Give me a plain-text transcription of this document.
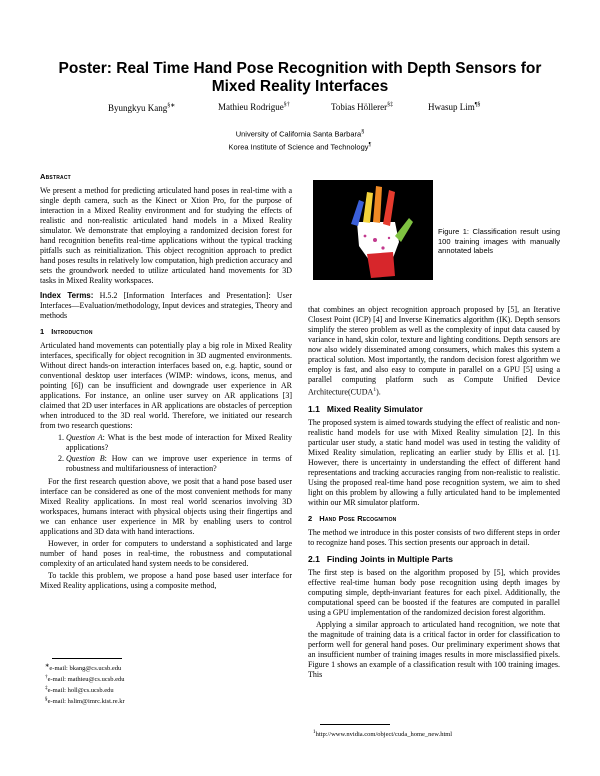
Poster: Real Time Hand Pose Recognition with Depth Sensors for Mixed Reality Interfaces
Byungkyu Kang§∗	Mathieu Rodrigue§†	Tobias Höllerer§‡	Hwasup Lim¶§
University of California Santa Barbara§
Korea Institute of Science and Technology¶
Abstract

We present a method for predicting articulated hand poses in real-time with a single depth camera, such as the Kinect or Xtion Pro, for the purpose of interaction in a Mixed Reality environment and for studying the effects of realistic and non-realistic articulated hand models in a Mixed Reality simulator. We demonstrate that employing a randomized decision forest for hand recognition benefits real-time applications without the typical tracking pitfalls such as reinitialization. This object recognition approach to predict hand poses results in relatively low computation, high prediction accuracy and sets the groundwork needed to utilize articulated hand movements for 3D tasks in Mixed Reality workspaces.

Index Terms: H.5.2 [Information Interfaces and Presentation]: User Interfaces—Evaluation/methodology, Input devices and strategies, Theory and methods

1 Introduction

Articulated hand movements can potentially play a big role in Mixed Reality interfaces, specifically for object recognition in 3D augmented environments. Without direct hands-on interaction interfaces based on, e.g. haptic, sound or conventional desktop user interfaces (WIMP: windows, icons, menus, and pointing [6]) can be insufficient and downgrade user experience in AR applications. For instance, an online user survey on AR applications [3] claimed that 2D user interfaces in AR applications are obstacles of perception when introduced to the 3D real world. Therefore, we initiated our research from two research questions:

1. Question A: What is the best mode of interaction for Mixed Reality applications?
2. Question B: How can we improve user experience in terms of robustness and multifariousness of interaction?

For the first research question above, we posit that a hand pose based user interface can be considered as one of the most convenient methods for many Mixed Reality applications. In most real world scenarios involving 3D workspaces, humans interact with physical objects using their fingertips and we can enhance user experience in MR by enabling users to control applications and 3D data with hand interactions.

However, in order for computers to understand a sophisticated and large number of hand poses in real-time, the robustness and computational complexity of an articulated hand system needs to be considered.

To tackle this problem, we propose a hand pose based user interface for Mixed Reality applications, using a composite method,

∗e-mail: bkang@cs.ucsb.edu
†e-mail: mathieu@cs.ucsb.edu
‡e-mail: holl@cs.ucsb.edu
§e-mail: hslim@imrc.kist.re.kr
Figure 1: Classification result using 100 training images with manually annotated labels

that combines an object recognition approach proposed by [5], an Iterative Closest Point (ICP) [4] and Inverse Kinematics algorithm (IK). Depth sensors simplify the stereo problem as well as the complexity of input data caused by variance in hand, skin color, texture and lighting conditions. Depth sensors are now also widely disseminated among consumers, which makes this system a practical solution. Most importantly, the random decision forest algorithm we employ is fast, and also easy to compute in parallel on a GPU [5] using a parallel computing platform such as Compute Unified Device Architecture(CUDA$^1$).

1.1 Mixed Reality Simulator

The proposed system is aimed towards studying the effect of realistic and non-realistic hand models for use with Mixed Reality simulation [2]. In this particular user study, a static hand model was used in testing the validity of Mixed Reality simulation, replicating an earlier study by Ellis et al. [1]. However, there is uncertainty in understanding the effect of different hand representations and tracking accuracies ranging from non-realistic to realistic. Using the proposed real-time hand pose recognition system, we aim to shed light on this problem by allowing a fully articulated hand to be implemented within our MR simulator platform.

2 Hand Pose Recognition

The method we introduce in this poster consists of two different steps in order to recognize hand poses. This section presents our approach in detail.

2.1 Finding Joints in Multiple Parts

The first step is based on the algorithm proposed by [5], which provides effective real-time human body pose recognition using depth images by computing simple, depth-invariant features for each pixel. Additionally, the computational speed can be boosted if the features are computed in parallel using a GPU implementation of the randomized decision forest algorithm.

Applying a similar approach to articulated hand recognition, we note that the magnitude of training data is a critical factor in order for classification to perform well for general hand poses. Our preliminary experiment shows that an insufficient number of training images results in more misclassified pixels. Figure 1 shows an example of a classification result with 100 training images. This

$^1$http://www.nvidia.com/object/cuda_home_new.html
